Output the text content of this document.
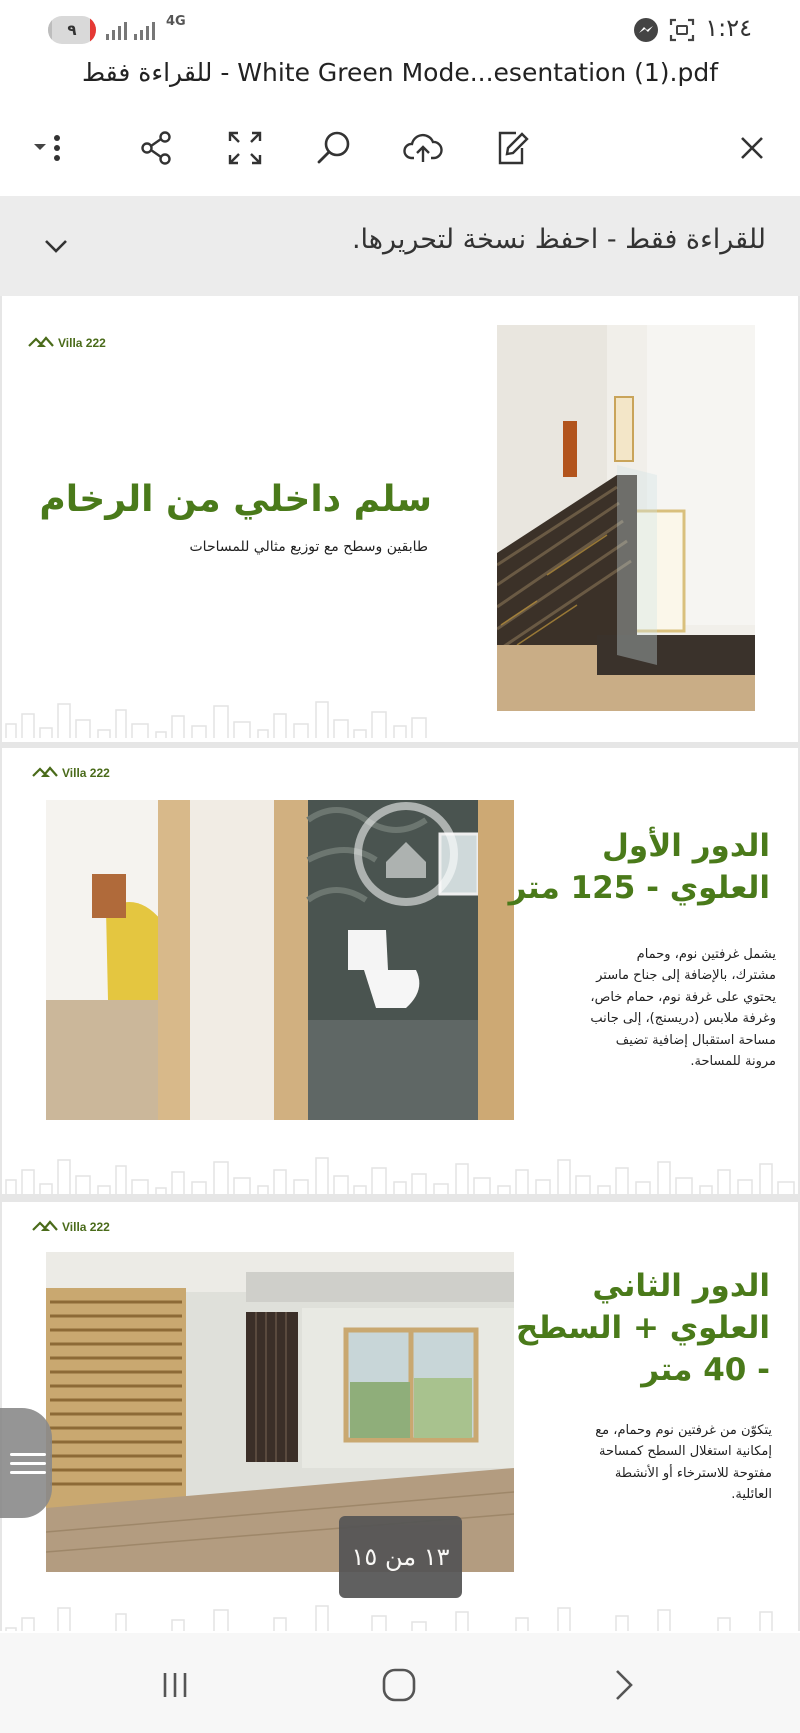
٩	4G	١:٢٤
للقراءة فقط - White Green Mode...esentation (1).pdf
للقراءة فقط - احفظ نسخة لتحريرها.
Villa 222
سلم داخلي من الرخام
طابقين وسطح مع توزيع مثالي للمساحات
Villa 222
الدور الأول
العلوي - 125 متر
يشمل غرفتين نوم، وحمام
مشترك، بالإضافة إلى جناح ماستر
يحتوي على غرفة نوم، حمام خاص،
وغرفة ملابس (دريسنج)، إلى جانب
مساحة استقبال إضافية تضيف
مرونة للمساحة.
Villa 222
الدور الثاني
العلوي + السطح
- 40 متر
يتكوّن من غرفتين نوم وحمام، مع
إمكانية استغلال السطح كمساحة
مفتوحة للاسترخاء أو الأنشطة
العائلية.
١٣ من ١٥
